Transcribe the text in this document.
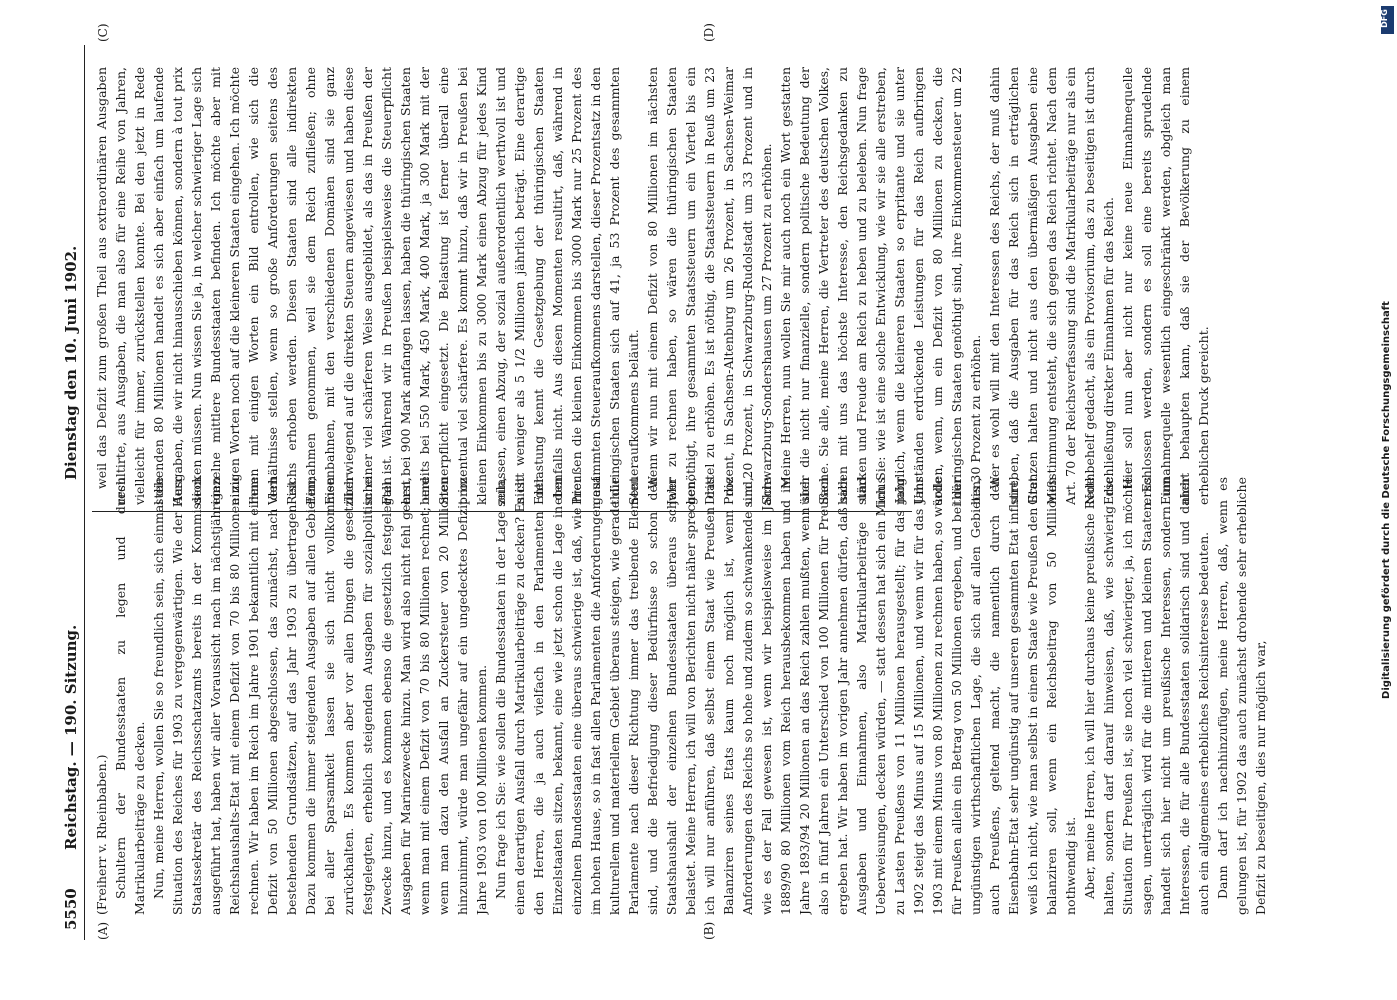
5550
Reichstag. — 190. Sitzung.
Dienstag den 10. Juni 1902.
(A)	(B)
(C)	(D)

(Freiherr v. Rheinbaben.) Schultern der Bundesstaaten zu legen und durch Matrikularbeiträge zu decken. Nun, meine Herren, wollen Sie so freundlich sein, sich einmal die Situation des Reiches für 1903 zu vergegenwärtigen. Wie der Herr Staatssekretär des Reichsschatzamts bereits in der Kommission ausgeführt hat, haben wir aller Voraussicht nach im nächstjährigen Reichshaushalts-Etat mit einem Defizit von 70 bis 80 Millionen zu rechnen. Wir haben im Reich im Jahre 1901 bekanntlich mit einem Defizit von 50 Millionen abgeschlossen, das zunächst, nach den bestehenden Grundsätzen, auf das Jahr 1903 zu übertragen ist. Dazu kommen die immer steigenden Ausgaben auf allen Gebieten; bei aller Sparsamkeit lassen sie sich nicht vollkommen zurückhalten. Es kommen aber vor allen Dingen die gesetzlich festgelegten, erheblich steigenden Ausgaben für sozialpolitische Zwecke hinzu, und es kommen ebenso die gesetzlich festgelegten Ausgaben für Marinezwecke hinzu. Man wird also nicht fehl gehen, wenn man mit einem Defizit von 70 bis 80 Millionen rechnet; und wenn man dazu den Ausfall an Zuckersteuer von 20 Millionen hinzunimmt, würde man ungefähr auf ein ungedecktes Defizit im Jahre 1903 von 100 Millionen kommen. Nun frage ich Sie: wie sollen die Bundesstaaten in der Lage sein, einen derartigen Ausfall durch Matrikularbeiträge zu decken? Es ist den Herren, die ja auch vielfach in den Parlamenten der Einzelstaaten sitzen, bekannt, eine wie jetzt schon die Lage in den einzelnen Bundesstaaten eine überaus schwierige ist, daß, wie hier im hohen Hause, so in fast allen Parlamenten die Anforderungen auf kulturellem und materiellem Gebiet überaus steigen, wie gerade die Parlamente nach dieser Richtung immer das treibende Element sind, und die Befriedigung dieser Bedürfnisse so schon den Staatshaushalt der einzelnen Bundesstaaten überaus schwer belastet. Meine Herren, ich will von Berichten nicht näher sprechen, ich will nur anführen, daß selbst einem Staat wie Preußen das Balanziren seines Etats kaum noch möglich ist, wenn die Anforderungen des Reichs so hohe und zudem so schwankende sind, wie es der Fall gewesen ist, wenn wir beispielsweise im Jahre 1889/90 80 Millionen vom Reich herausbekommen haben und im Jahre 1893/94 20 Millionen an das Reich zahlen mußten, wenn sich also in fünf Jahren ein Unterschied von 100 Millionen für Preußen ergeben hat. Wir haben im vorigen Jahr annehmen dürfen, daß sich Ausgaben und Einnahmen, also Matrikularbeiträge und Ueberweisungen, decken würden, — statt dessen hat sich ein Minus zu Lasten Preußens von 11 Millionen herausgestellt; für das Jahr 1902 steigt das Minus auf 15 Millionen, und wenn wir für das Jahr 1903 mit einem Minus von 80 Millionen zu rechnen haben, so würde für Preußen allein ein Betrag von 50 Millionen ergeben, und bei der ungünstigen wirthschaftlichen Lage, die sich auf allen Gebieten, auch Preußens, geltend macht, die namentlich durch den Eisenbahn-Etat sehr ungünstig auf unseren gesammten Etat influirt, weiß ich nicht, wie man selbst in einem Staate wie Preußen den Etat balanziren soll, wenn ein Reichsbeitrag von 50 Millionen nothwendig ist. Aber, meine Herren, ich will hier durchaus keine preußische Rede halten, sondern darf darauf hinweisen, daß, wie schwierig die Situation für Preußen ist, sie noch viel schwieriger, ja, ich möchte sagen, unerträglich wird für die mittleren und kleinen Staaten. Es handelt sich hier nicht um preußische Interessen, sondern um Interessen, die für alle Bundesstaaten solidarisch sind und daher auch ein allgemeines erhebliches Reichsinteresse bedeuten. Dann darf ich nachhinzufügen, meine Herren, daß, wenn es gelungen ist, für 1902 das auch zunächst drohende sehr erhebliche Defizit zu beseitigen, dies nur möglich war,

weil das Defizit zum großen Theil aus extraordinären Ausgaben resultirte, aus Ausgaben, die man also für eine Reihe von Jahren, vielleicht für immer, zurückstellen konnte. Bei den jetzt in Rede stehenden 80 Millionen handelt es sich aber einfach um laufende Ausgaben, die wir nicht hinausschieben können, sondern à tout prix decken müssen. Nun wissen Sie ja, in welcher schwieriger Lage sich einzelne mittlere Bundesstaaten befinden. Ich möchte aber mit einigen Worten noch auf die kleineren Staaten eingehen. Ich möchte Ihnen mit einigen Worten ein Bild entrollen, wie sich die Verhältnisse stellen, wenn so große Anforderungen seitens des Reichs erhoben werden. Diesen Staaten sind alle indirekten Einnahmen genommen, weil sie dem Reich zufließen; ohne Eisenbahnen, mit den verschiedenen Domänen sind sie ganz überwiegend auf die direkten Steuern angewiesen und haben diese in einer viel schärferen Weise ausgebildet, als das in Preußen der Fall ist. Während wir in Preußen beispielsweise die Steuerpflicht erst bei 900 Mark anfangen lassen, haben die thüringischen Staaten bereits bei 550 Mark, 450 Mark, 400 Mark, ja 300 Mark mit der Steuerpflicht eingesetzt. Die Belastung ist ferner überall eine prozentual viel schärfere. Es kommt hinzu, daß wir in Preußen bei kleinen Einkommen bis zu 3000 Mark einen Abzug für jedes Kind zulassen, einen Abzug, der sozial außerordentlich werthvoll ist und nicht weniger als 5 1/2 Millionen jährlich beträgt. Eine derartige Entlastung kennt die Gesetzgebung der thüringischen Staaten ebenfalls nicht. Aus diesen Momenten resultirt, daß, während in Preußen die kleinen Einkommen bis 3000 Mark nur 25 Prozent des gesammten Steueraufkommens darstellen, dieser Prozentsatz in den thüringischen Staaten sich auf 41, ja 53 Prozent des gesammten Steueraufkommens beläuft. Wenn wir nun mit einem Defizit von 80 Millionen im nächsten Jahr zu rechnen haben, so wären die thüringischen Staaten genöthigt, ihre gesammten Staatssteuern um ein Viertel bis ein Drittel zu erhöhen. Es ist nöthig, die Staatssteuern in Reuß um 23 Prozent, in Sachsen-Altenburg um 26 Prozent, in Sachsen-Weimar um 20 Prozent, in Schwarzburg-Rudolstadt um 33 Prozent und in Schwarzburg-Sondershausen um 27 Prozent zu erhöhen. Meine Herren, nun wollen Sie mir auch noch ein Wort gestatten über die nicht nur finanzielle, sondern politische Bedeutung der Sache. Sie alle, meine Herren, die Vertreter des deutschen Volkes, haben mit uns das höchste Interesse, den Reichsgedanken zu stärken und Freude am Reich zu heben und zu beleben. Nun frage ich Sie: wie ist eine solche Entwicklung, wie wir sie alle erstreben, möglich, wenn die kleineren Staaten so erpritante und sie unter Umständen erdrückende Leistungen für das Reich aufbringen sollen, wenn, um ein Defizit von 80 Millionen zu decken, die thüringischen Staaten genöthigt sind, ihre Einkommensteuer um 22 bis 30 Prozent zu erhöhen. Wer es wohl will mit den Interessen des Reichs, der muß dahin streben, daß die Ausgaben für das Reich sich in erträglichen Grenzen halten und nicht aus den übermäßigen Ausgaben eine Mißstimmung entsteht, die sich gegen das Reich richtet. Nach dem Art. 70 der Reichsverfassung sind die Matrikularbeiträge nur als ein Nothbehelf gedacht, als ein Provisorium, das zu beseitigen ist durch Erschließung direkter Einnahmen für das Reich. Hier soll nun aber nicht nur keine neue Einnahmequelle erschlossen werden, sondern es soll eine bereits sprudelnde Einnahmequelle wesentlich eingeschränkt werden, obgleich man nicht behaupten kann, daß sie der Bevölkerung zu einem erheblichen Druck gereicht.	Digitalisierung gefördert durch die Deutsche Forschungsgemeinschaft
DFG
